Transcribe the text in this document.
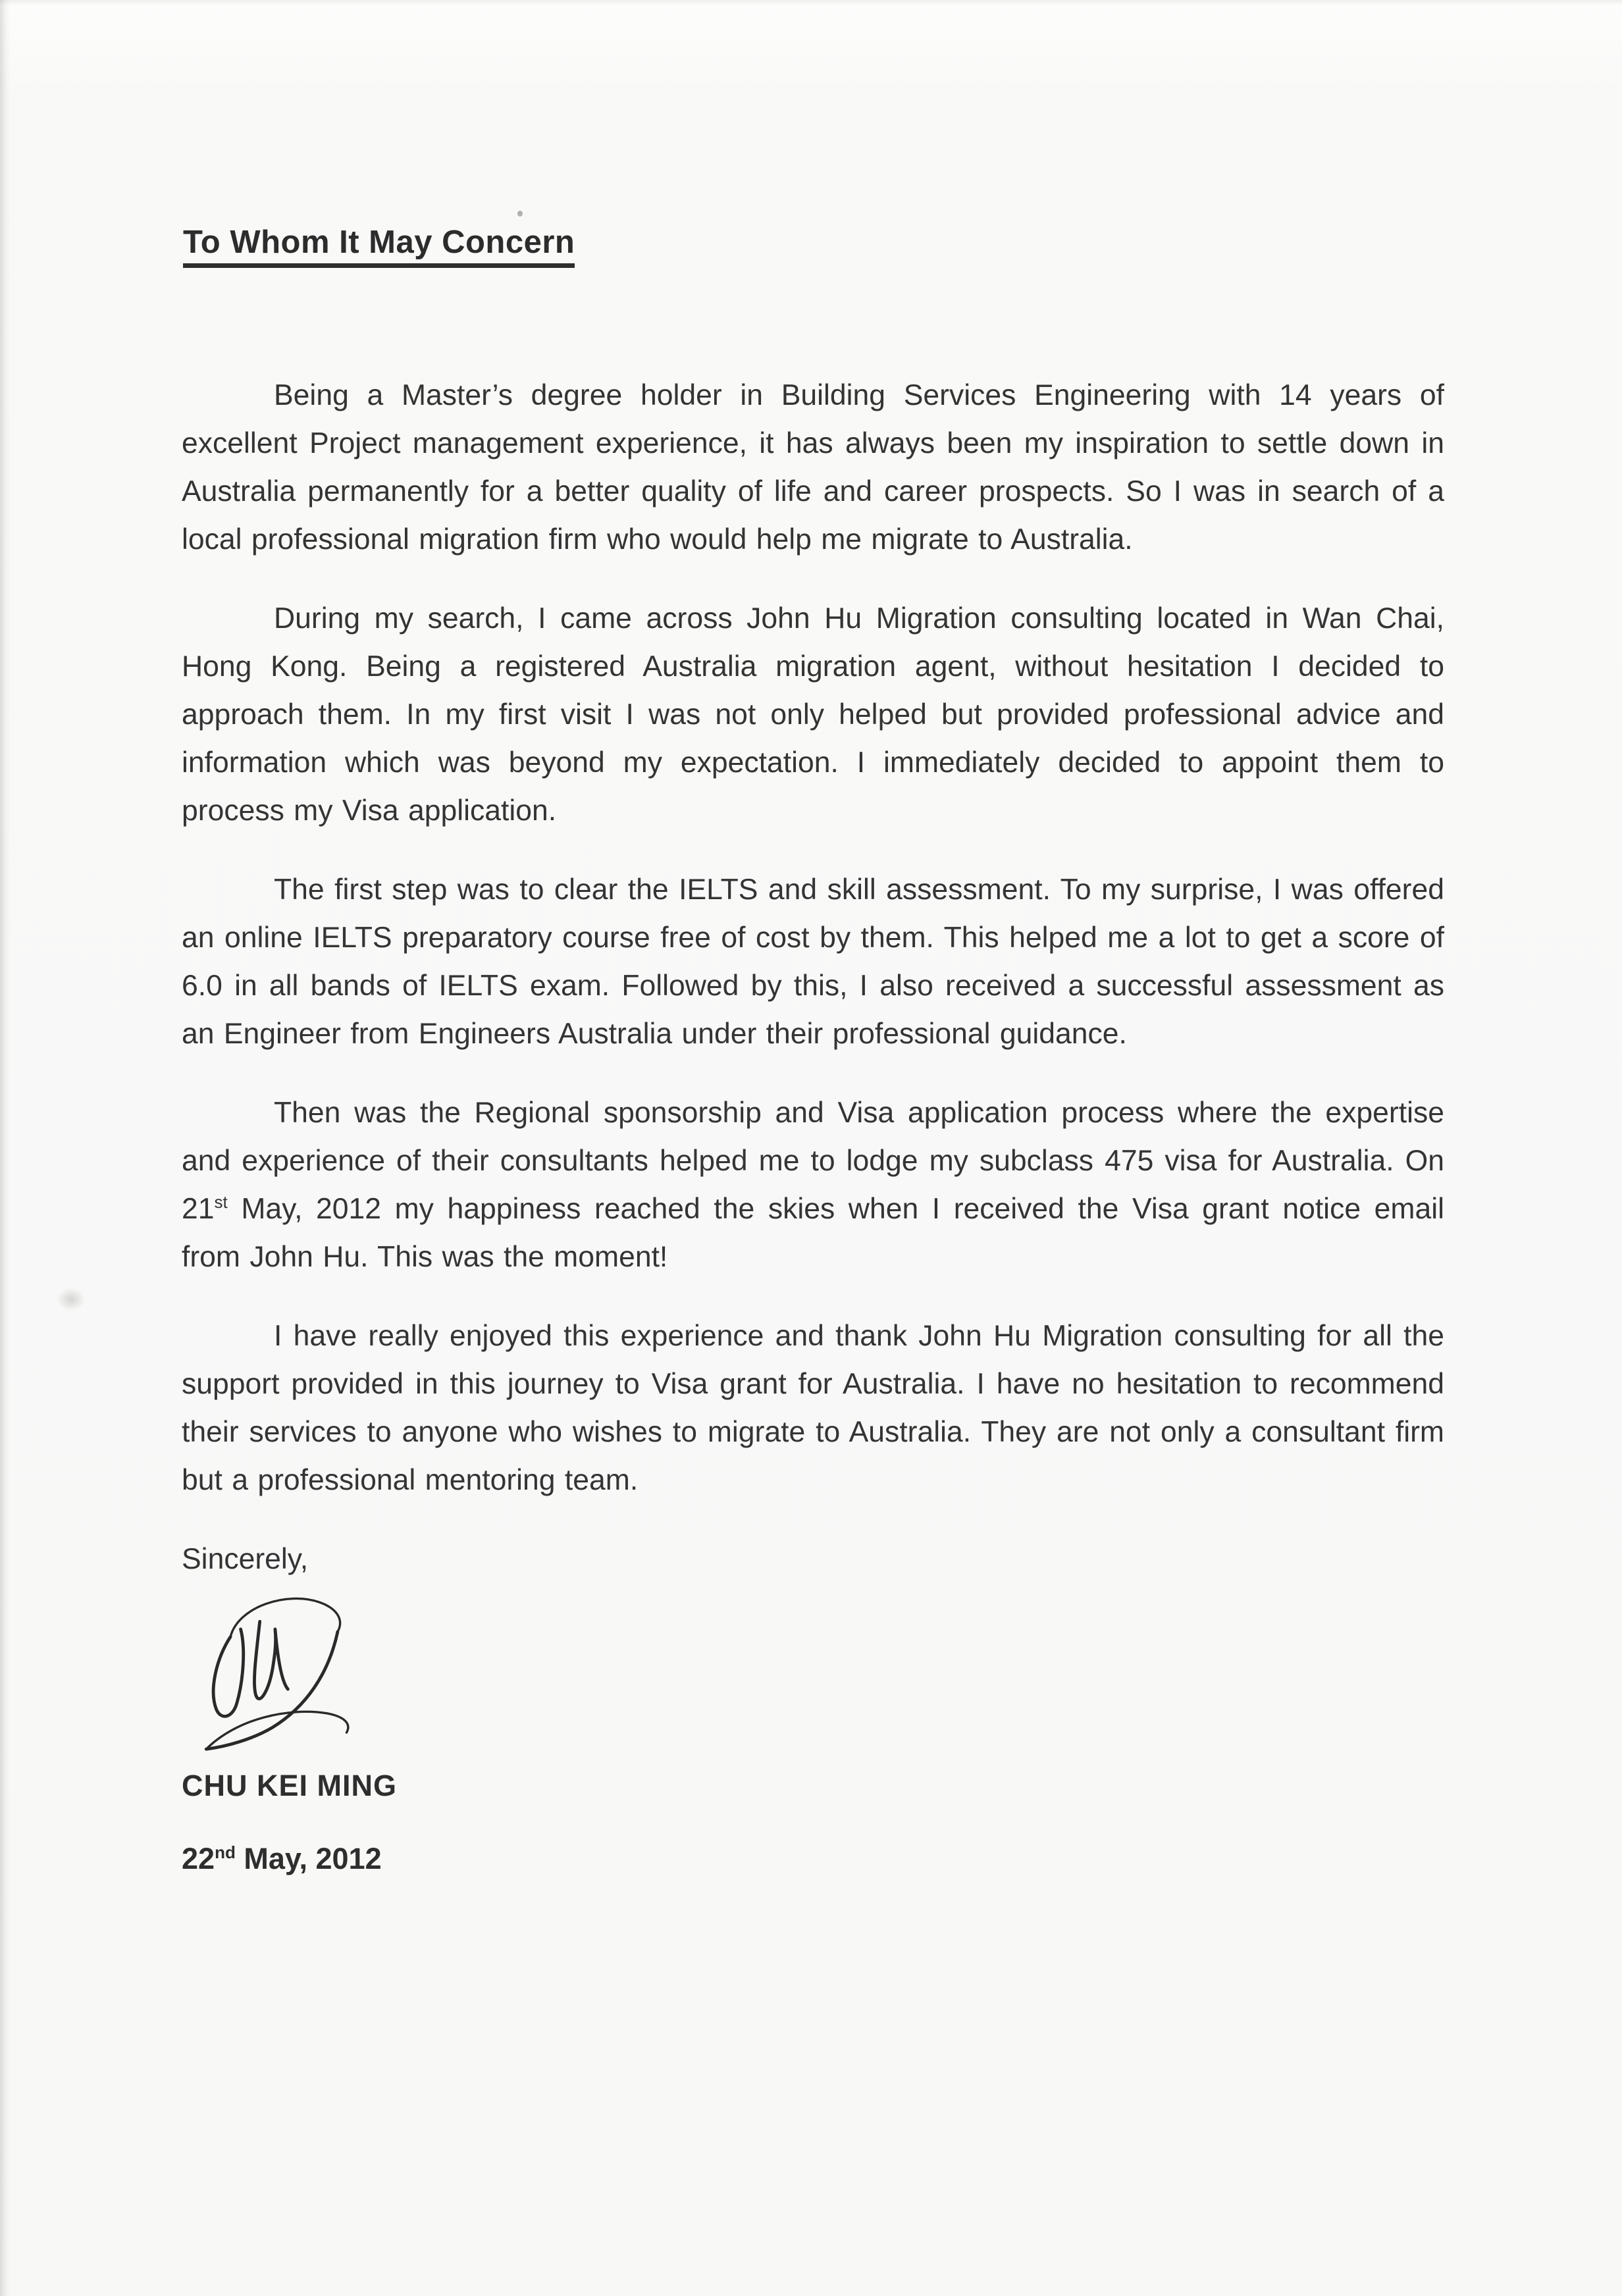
To Whom It May Concern

Being a Master’s degree holder in Building Services Engineering with 14 years of excellent Project management experience, it has always been my inspiration to settle down in Australia permanently for a better quality of life and career prospects. So I was in search of a local professional migration firm who would help me migrate to Australia.

During my search, I came across John Hu Migration consulting located in Wan Chai, Hong Kong. Being a registered Australia migration agent, without hesitation I decided to approach them. In my first visit I was not only helped but provided professional advice and information which was beyond my expectation. I immediately decided to appoint them to process my Visa application.

The first step was to clear the IELTS and skill assessment. To my surprise, I was offered an online IELTS preparatory course free of cost by them. This helped me a lot to get a score of 6.0 in all bands of IELTS exam. Followed by this, I also received a successful assessment as an Engineer from Engineers Australia under their professional guidance.

Then was the Regional sponsorship and Visa application process where the expertise and experience of their consultants helped me to lodge my subclass 475 visa for Australia. On 21st May, 2012 my happiness reached the skies when I received the Visa grant notice email from John Hu. This was the moment!

I have really enjoyed this experience and thank John Hu Migration consulting for all the support provided in this journey to Visa grant for Australia. I have no hesitation to recommend their services to anyone who wishes to migrate to Australia. They are not only a consultant firm but a professional mentoring team.

Sincerely,

CHU KEI MING

22nd May, 2012
